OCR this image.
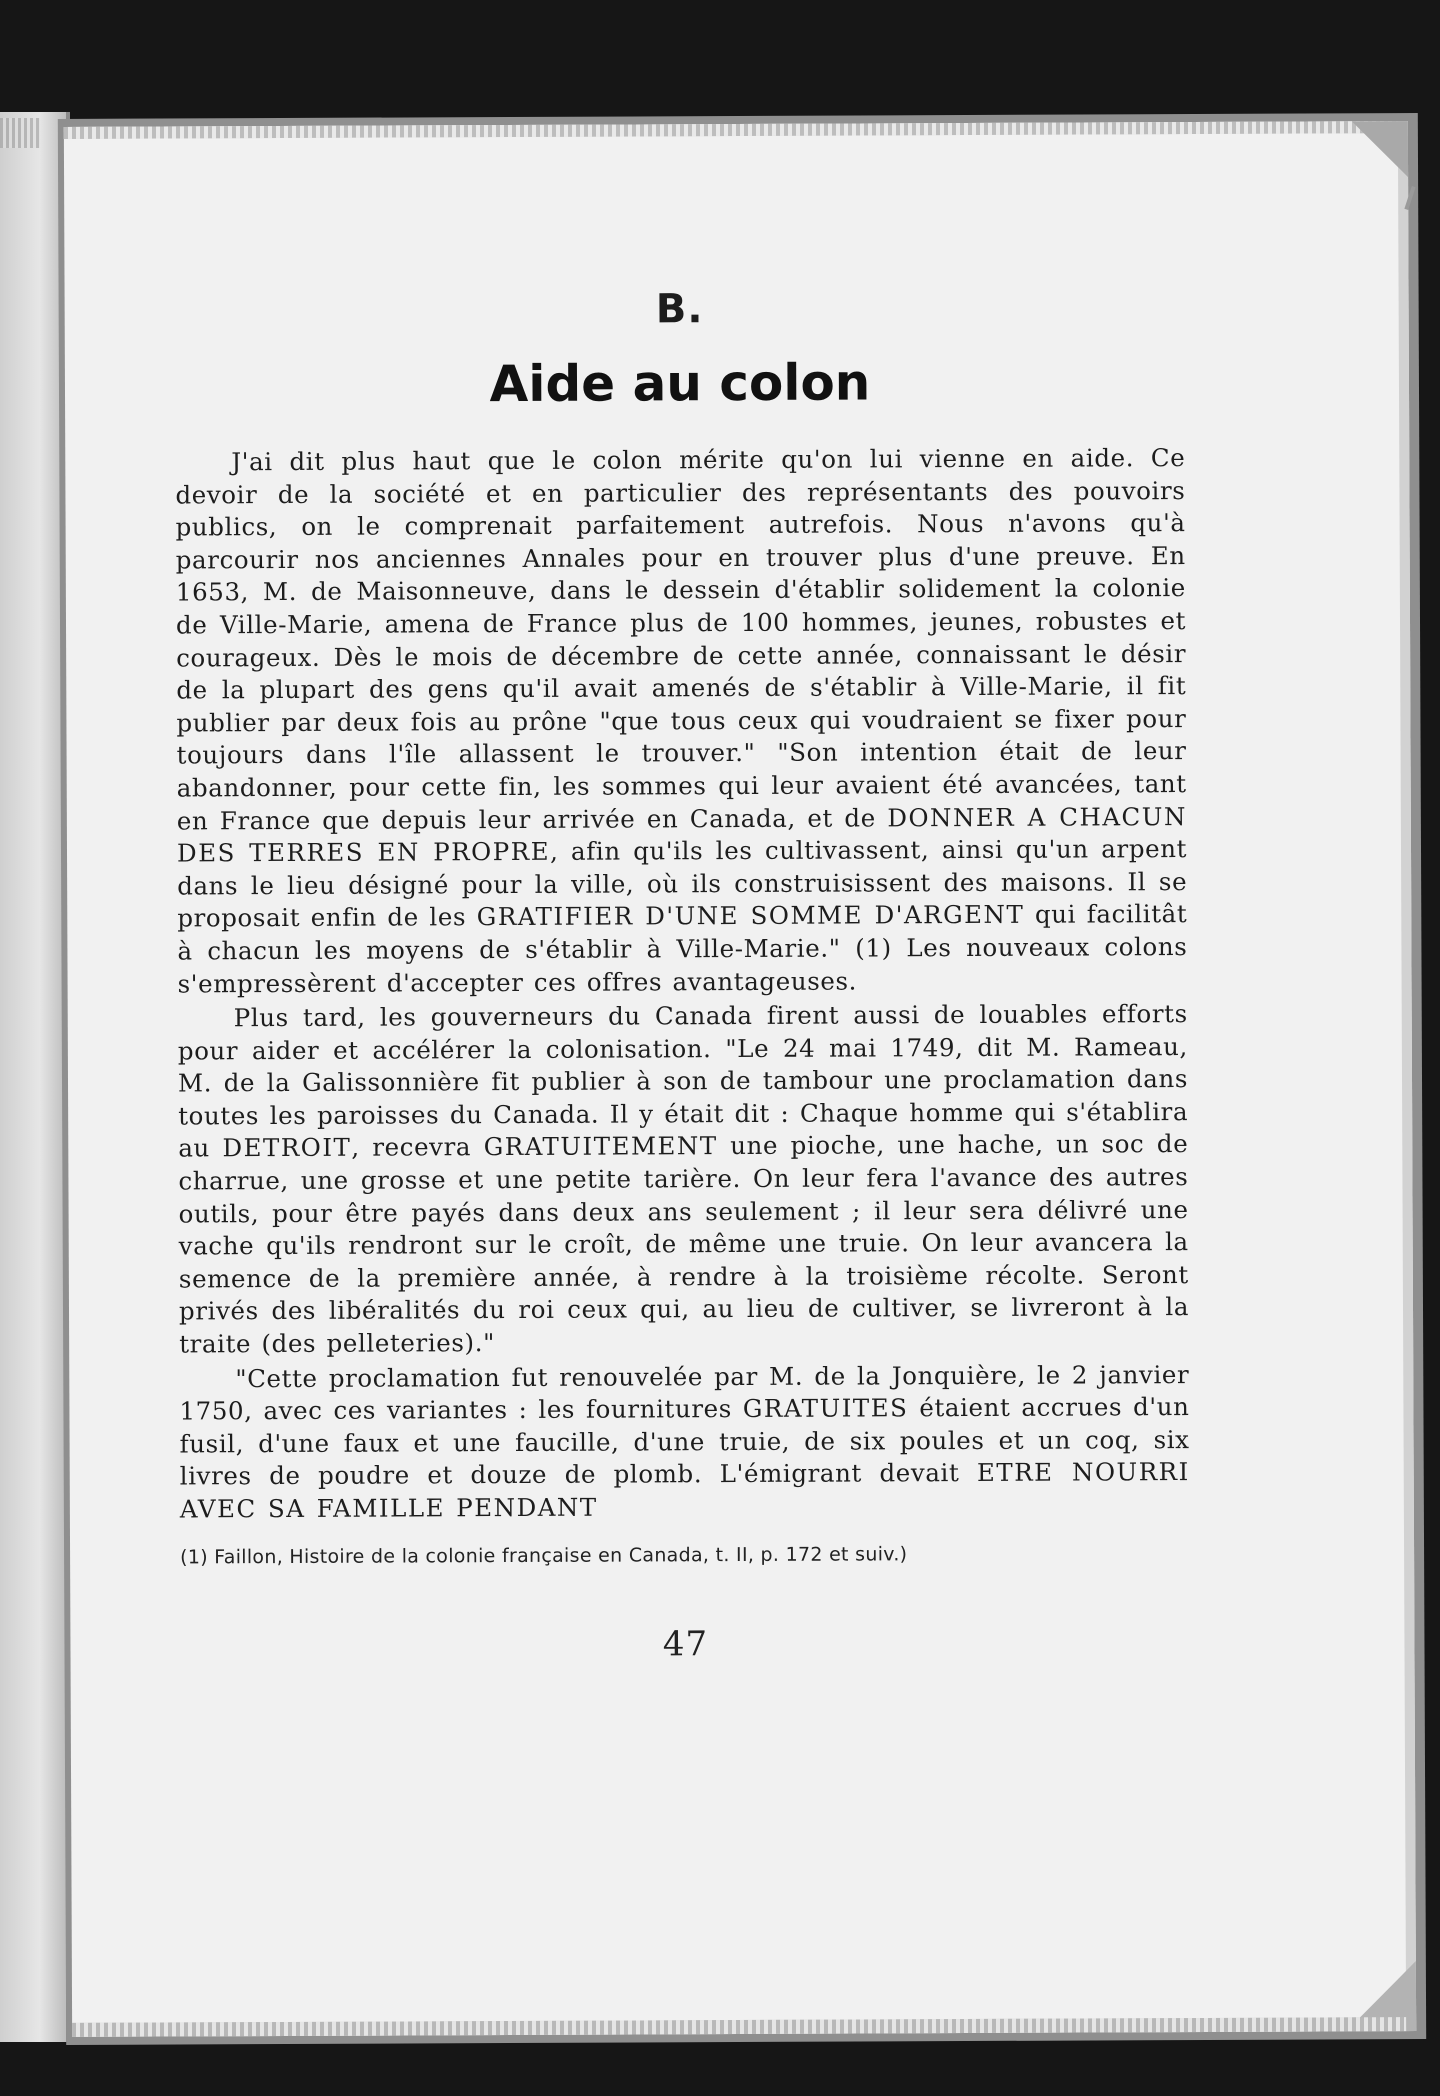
B.
Aide au colon

J'ai dit plus haut que le colon mérite qu'on lui vienne en aide. Ce devoir de la société et en particulier des représentants des pouvoirs publics, on le comprenait parfaitement autrefois. Nous n'avons qu'à parcourir nos anciennes Annales pour en trouver plus d'une preuve. En 1653, M. de Maisonneuve, dans le dessein d'établir solidement la colonie de Ville-Marie, amena de France plus de 100 hommes, jeunes, robustes et courageux. Dès le mois de décembre de cette année, connaissant le désir de la plupart des gens qu'il avait amenés de s'établir à Ville-Marie, il fit publier par deux fois au prône "que tous ceux qui voudraient se fixer pour toujours dans l'île allassent le trouver." "Son intention était de leur abandonner, pour cette fin, les sommes qui leur avaient été avancées, tant en France que depuis leur arrivée en Canada, et de DONNER A CHACUN DES TERRES EN PROPRE, afin qu'ils les cultivassent, ainsi qu'un arpent dans le lieu désigné pour la ville, où ils construisissent des maisons. Il se proposait enfin de les GRATIFIER D'UNE SOMME D'ARGENT qui facilitât à chacun les moyens de s'établir à Ville-Marie." (1) Les nouveaux colons s'empressèrent d'accepter ces offres avantageuses.

Plus tard, les gouverneurs du Canada firent aussi de louables efforts pour aider et accélérer la colonisation. "Le 24 mai 1749, dit M. Rameau, M. de la Galissonnière fit publier à son de tambour une proclamation dans toutes les paroisses du Canada. Il y était dit : Chaque homme qui s'établira au DETROIT, recevra GRATUITEMENT une pioche, une hache, un soc de charrue, une grosse et une petite tarière. On leur fera l'avance des autres outils, pour être payés dans deux ans seulement ; il leur sera délivré une vache qu'ils rendront sur le croît, de même une truie. On leur avancera la semence de la première année, à rendre à la troisième récolte. Seront privés des libéralités du roi ceux qui, au lieu de cultiver, se livreront à la traite (des pelleteries)."

"Cette proclamation fut renouvelée par M. de la Jonquière, le 2 janvier 1750, avec ces variantes : les fournitures GRATUITES étaient accrues d'un fusil, d'une faux et une faucille, d'une truie, de six poules et un coq, six livres de poudre et douze de plomb. L'émigrant devait ETRE NOURRI AVEC SA FAMILLE PENDANT

(1) Faillon, Histoire de la colonie française en Canada, t. II, p. 172 et suiv.)
47
